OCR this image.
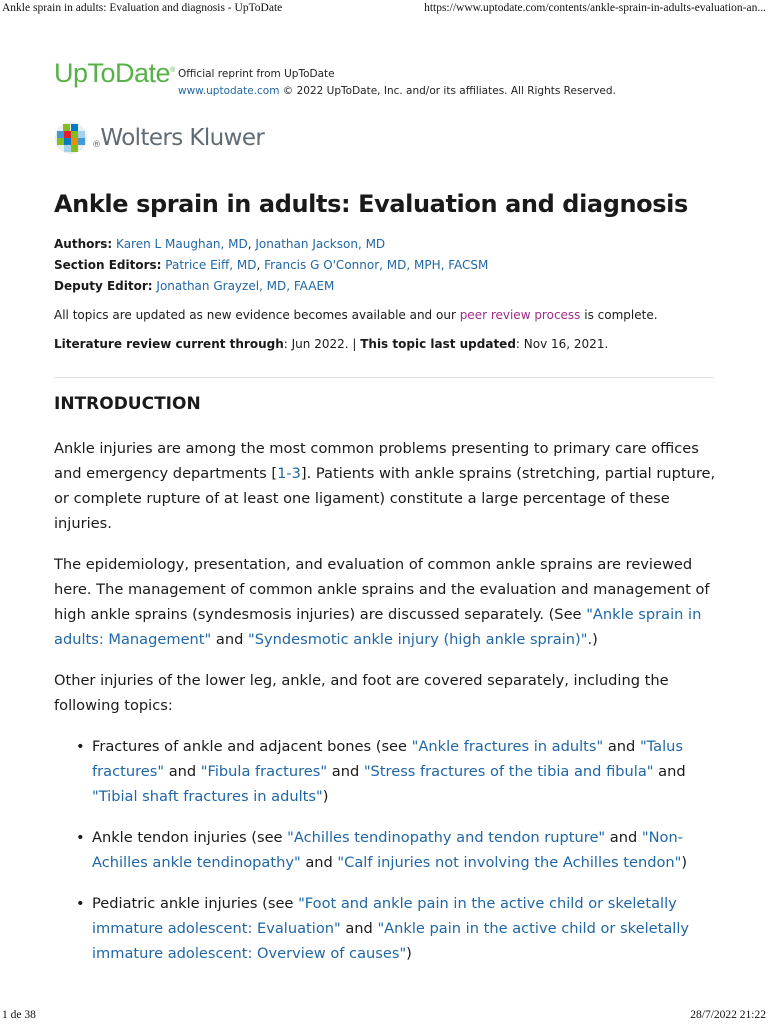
Ankle sprain in adults: Evaluation and diagnosis - UpToDate	https://www.uptodate.com/contents/ankle-sprain-in-adults-evaluation-an...
UpToDate® Official reprint from UpToDate
www.uptodate.com © 2022 UpToDate, Inc. and/or its affiliates. All Rights Reserved.
®Wolters Kluwer
Ankle sprain in adults: Evaluation and diagnosis
Authors: Karen L Maughan, MD, Jonathan Jackson, MD
Section Editors: Patrice Eiff, MD, Francis G O'Connor, MD, MPH, FACSM
Deputy Editor: Jonathan Grayzel, MD, FAAEM
All topics are updated as new evidence becomes available and our peer review process is complete.
Literature review current through: Jun 2022. | This topic last updated: Nov 16, 2021.
INTRODUCTION

Ankle injuries are among the most common problems presenting to primary care offices and emergency departments [1-3]. Patients with ankle sprains (stretching, partial rupture, or complete rupture of at least one ligament) constitute a large percentage of these injuries.

The epidemiology, presentation, and evaluation of common ankle sprains are reviewed here. The management of common ankle sprains and the evaluation and management of high ankle sprains (syndesmosis injuries) are discussed separately. (See "Ankle sprain in adults: Management" and "Syndesmotic ankle injury (high ankle sprain)".)

Other injuries of the lower leg, ankle, and foot are covered separately, including the following topics:

• Fractures of ankle and adjacent bones (see "Ankle fractures in adults" and "Talus fractures" and "Fibula fractures" and "Stress fractures of the tibia and fibula" and "Tibial shaft fractures in adults")
• Ankle tendon injuries (see "Achilles tendinopathy and tendon rupture" and "Non-Achilles ankle tendinopathy" and "Calf injuries not involving the Achilles tendon")
• Pediatric ankle injuries (see "Foot and ankle pain in the active child or skeletally immature adolescent: Evaluation" and "Ankle pain in the active child or skeletally immature adolescent: Overview of causes")
1 de 38	28/7/2022 21:22
